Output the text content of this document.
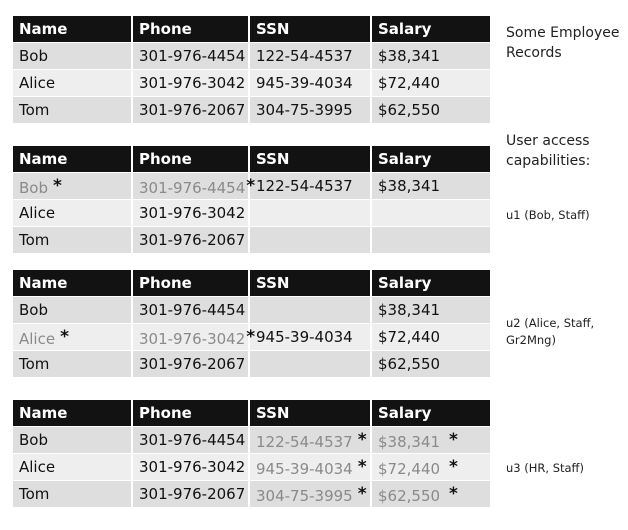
Name	Phone	SSN	Salary
Bob	301-976-4454	122-54-4537	$38,341
Alice	301-976-3042	945-39-4034	$72,440
Tom	301-976-2067	304-75-3995	$62,550
Name	Phone	SSN	Salary
Bob *	301-976-4454*	122-54-4537	$38,341
Alice	301-976-3042		
Tom	301-976-2067		
Name	Phone	SSN	Salary
Bob	301-976-4454		$38,341
Alice *	301-976-3042*	945-39-4034	$72,440
Tom	301-976-2067		$62,550
Name	Phone	SSN	Salary
Bob	301-976-4454	122-54-4537 *	$38,341 *
Alice	301-976-3042	945-39-4034 *	$72,440 *
Tom	301-976-2067	304-75-3995 *	$62,550 *
Some Employee Records
User access capabilities:
u1 (Bob, Staff)
u2 (Alice, Staff, Gr2Mng)
u3 (HR, Staff)
